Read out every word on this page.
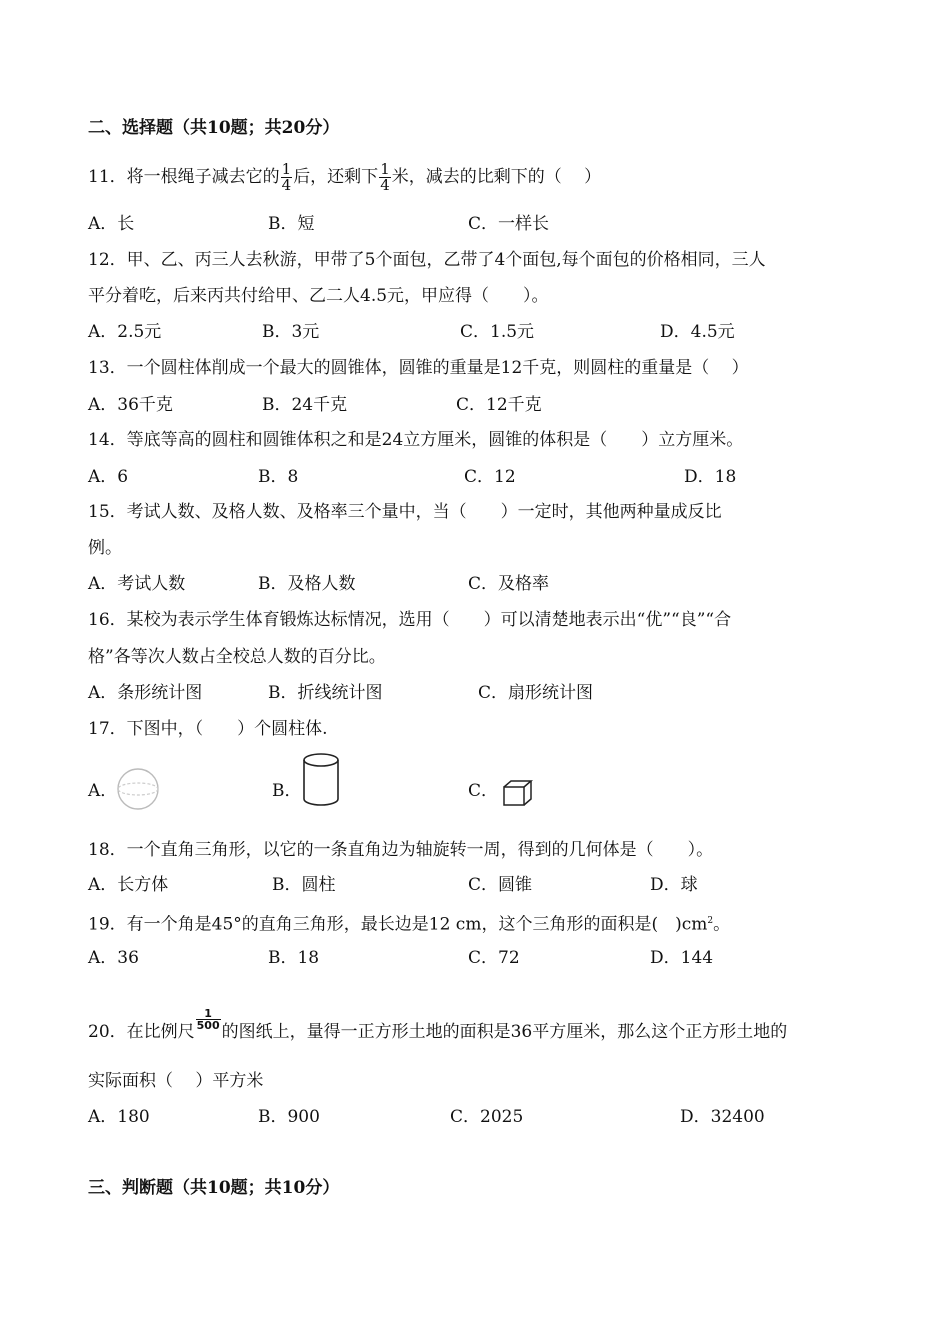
二、选择题（共10题；共20分）
11．将一根绳子减去它的 $\frac{1}{4}$ 后，还剩下 $\frac{1}{4}$ 米，减去的比剩下的（　 ）
A．长	B．短	C．一样长
12．甲、乙、丙三人去秋游，甲带了5个面包，乙带了4个面包,每个面包的价格相同，三人
平分着吃，后来丙共付给甲、乙二人4.5元，甲应得（　　）。
A．2.5元	B．3元	C．1.5元	D．4.5元
13．一个圆柱体削成一个最大的圆锥体，圆锥的重量是12千克，则圆柱的重量是（　 ）
A．36千克	B．24千克	C．12千克
14．等底等高的圆柱和圆锥体积之和是24立方厘米，圆锥的体积是（　　）立方厘米。
A．6	B．8	C．12	D．18
15．考试人数、及格人数、及格率三个量中，当（　　）一定时，其他两种量成反比
例。
A．考试人数	B．及格人数	C．及格率
16．某校为表示学生体育锻炼达标情况，选用（　　）可以清楚地表示出“优”“良”“合
格”各等次人数占全校总人数的百分比。
A．条形统计图	B．折线统计图	C．扇形统计图
17．下图中，（　　）个圆柱体.
A．	B．	C．
18．一个直角三角形，以它的一条直角边为轴旋转一周，得到的几何体是（　　）。
A．长方体	B．圆柱	C．圆锥	D．球
19．有一个角是45°的直角三角形，最长边是12 cm，这个三角形的面积是(　)$cm^2$。
A．36	B．18	C．72	D．144
20．在比例尺
$\frac{1}{500}$
的图纸上，量得一正方形土地的面积是36平方厘米，那么这个正方形土地的
实际面积（　 ）平方米
A．180	B．900	C．2025	D．32400
三、判断题（共10题；共10分）
